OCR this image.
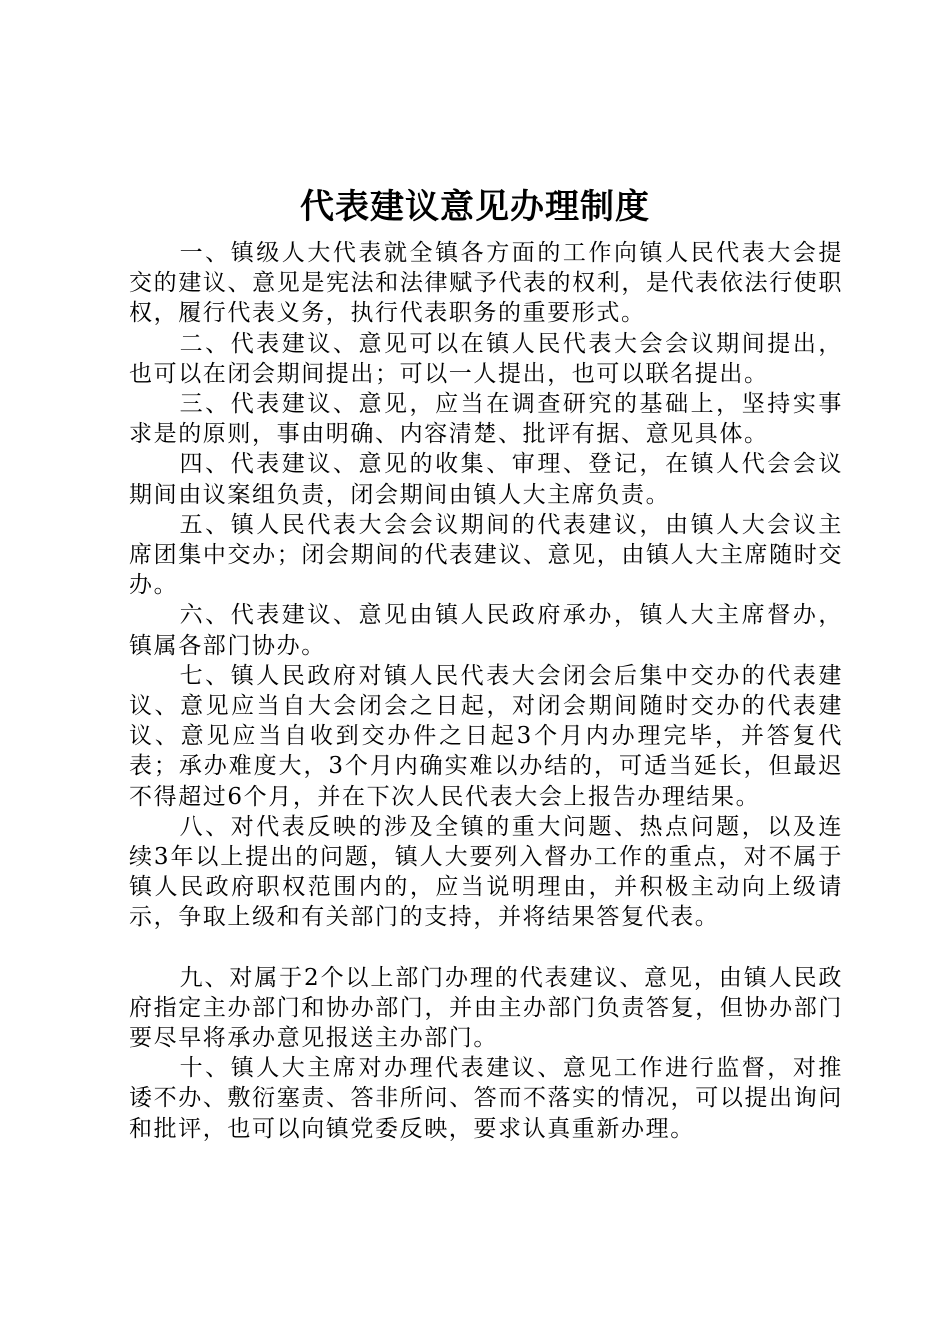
代表建议意见办理制度

一、镇级人大代表就全镇各方面的工作向镇人民代表大会提交的建议、意见是宪法和法律赋予代表的权利，是代表依法行使职权，履行代表义务，执行代表职务的重要形式。

二、代表建议、意见可以在镇人民代表大会会议期间提出，也可以在闭会期间提出；可以一人提出，也可以联名提出。

三、代表建议、意见，应当在调查研究的基础上，坚持实事求是的原则，事由明确、内容清楚、批评有据、意见具体。

四、代表建议、意见的收集、审理、登记，在镇人代会会议期间由议案组负责，闭会期间由镇人大主席负责。

五、镇人民代表大会会议期间的代表建议，由镇人大会议主席团集中交办；闭会期间的代表建议、意见，由镇人大主席随时交办。

六、代表建议、意见由镇人民政府承办，镇人大主席督办，镇属各部门协办。

七、镇人民政府对镇人民代表大会闭会后集中交办的代表建议、意见应当自大会闭会之日起，对闭会期间随时交办的代表建议、意见应当自收到交办件之日起3个月内办理完毕，并答复代表；承办难度大，3个月内确实难以办结的，可适当延长，但最迟不得超过6个月，并在下次人民代表大会上报告办理结果。

八、对代表反映的涉及全镇的重大问题、热点问题，以及连续3年以上提出的问题，镇人大要列入督办工作的重点，对不属于镇人民政府职权范围内的，应当说明理由，并积极主动向上级请示，争取上级和有关部门的支持，并将结果答复代表。

九、对属于2个以上部门办理的代表建议、意见，由镇人民政府指定主办部门和协办部门，并由主办部门负责答复，但协办部门要尽早将承办意见报送主办部门。

十、镇人大主席对办理代表建议、意见工作进行监督，对推诿不办、敷衍塞责、答非所问、答而不落实的情况，可以提出询问和批评，也可以向镇党委反映，要求认真重新办理。
